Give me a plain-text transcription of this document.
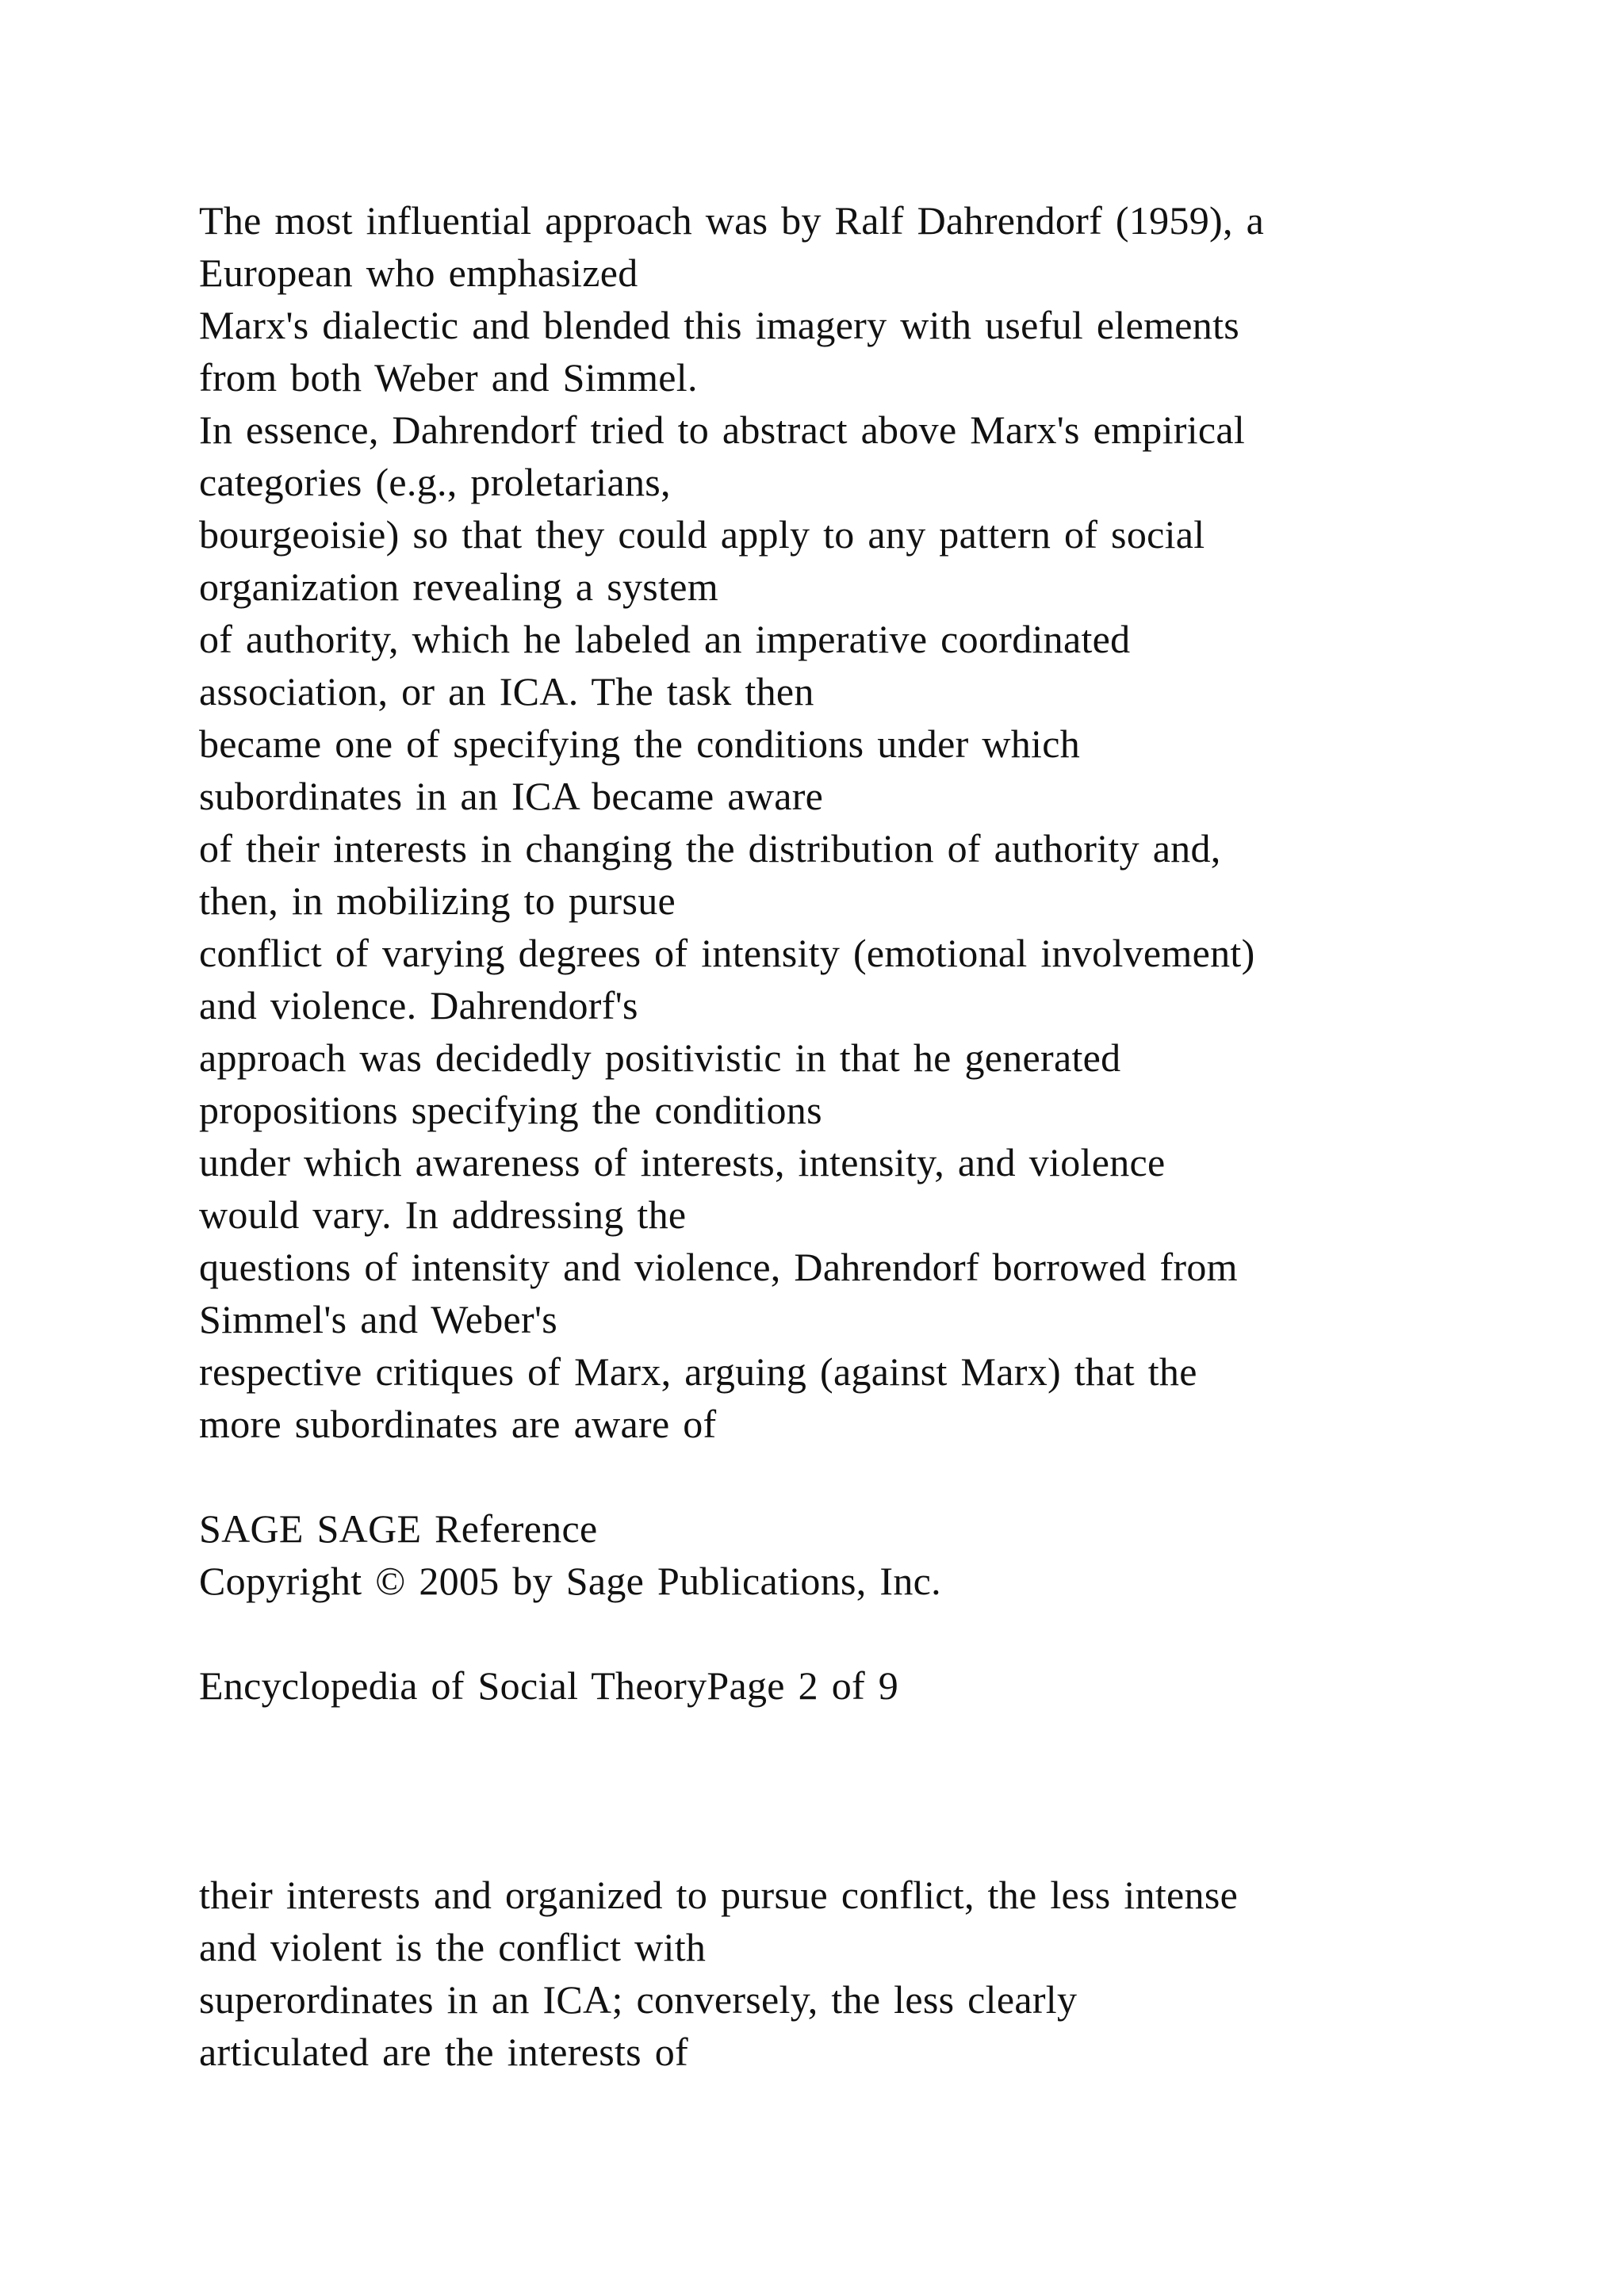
The most influential approach was by Ralf Dahrendorf (1959), a

European who emphasized

Marx's dialectic and blended this imagery with useful elements

from both Weber and Simmel.

In essence, Dahrendorf tried to abstract above Marx's empirical

categories (e.g., proletarians,

bourgeoisie) so that they could apply to any pattern of social

organization revealing a system

of authority, which he labeled an imperative coordinated

association, or an ICA. The task then

became one of specifying the conditions under which

subordinates in an ICA became aware

of their interests in changing the distribution of authority and,

then, in mobilizing to pursue

conflict of varying degrees of intensity (emotional involvement)

and violence. Dahrendorf's

approach was decidedly positivistic in that he generated

propositions specifying the conditions

under which awareness of interests, intensity, and violence

would vary. In addressing the

questions of intensity and violence, Dahrendorf borrowed from

Simmel's and Weber's

respective critiques of Marx, arguing (against Marx) that the

more subordinates are aware of

SAGE SAGE Reference

Copyright © 2005 by Sage Publications, Inc.

Encyclopedia of Social TheoryPage 2 of 9

their interests and organized to pursue conflict, the less intense

and violent is the conflict with

superordinates in an ICA; conversely, the less clearly

articulated are the interests of
